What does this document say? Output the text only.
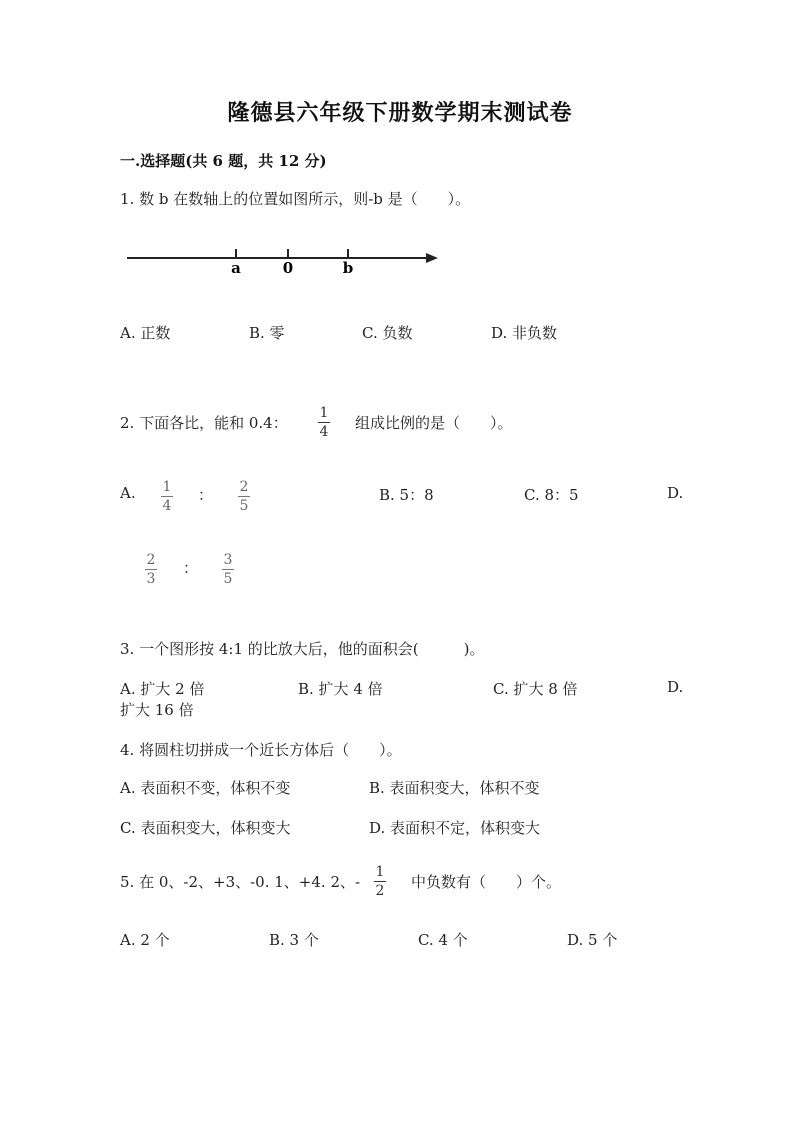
隆德县六年级下册数学期末测试卷
一.选择题(共 6 题，共 12 分)
1. 数 b 在数轴上的位置如图所示，则-b 是（　　）。
a	0	b
A. 正数	B. 零	C. 负数	D. 非负数
2. 下面各比，能和 0.4：
1
4 组成比例的是（　　）。
A. 1
4
： 2
5
B. 5：8	C. 8：5	D.
2
3
： 3
5
3. 一个图形按 4:1 的比放大后，他的面积会(　　　)。
A. 扩大 2 倍	B. 扩大 4 倍	C. 扩大 8 倍	D.
扩大 16 倍
4. 将圆柱切拼成一个近长方体后（　　）。
A. 表面积不变，体积不变	B. 表面积变大，体积不变
C. 表面积变大，体积变大	D. 表面积不定，体积变大
5. 在 0、-2、+3、-0. 1、+4. 2、-
1
2 中负数有（　　）个。
A. 2 个	B. 3 个	C. 4 个	D. 5 个
